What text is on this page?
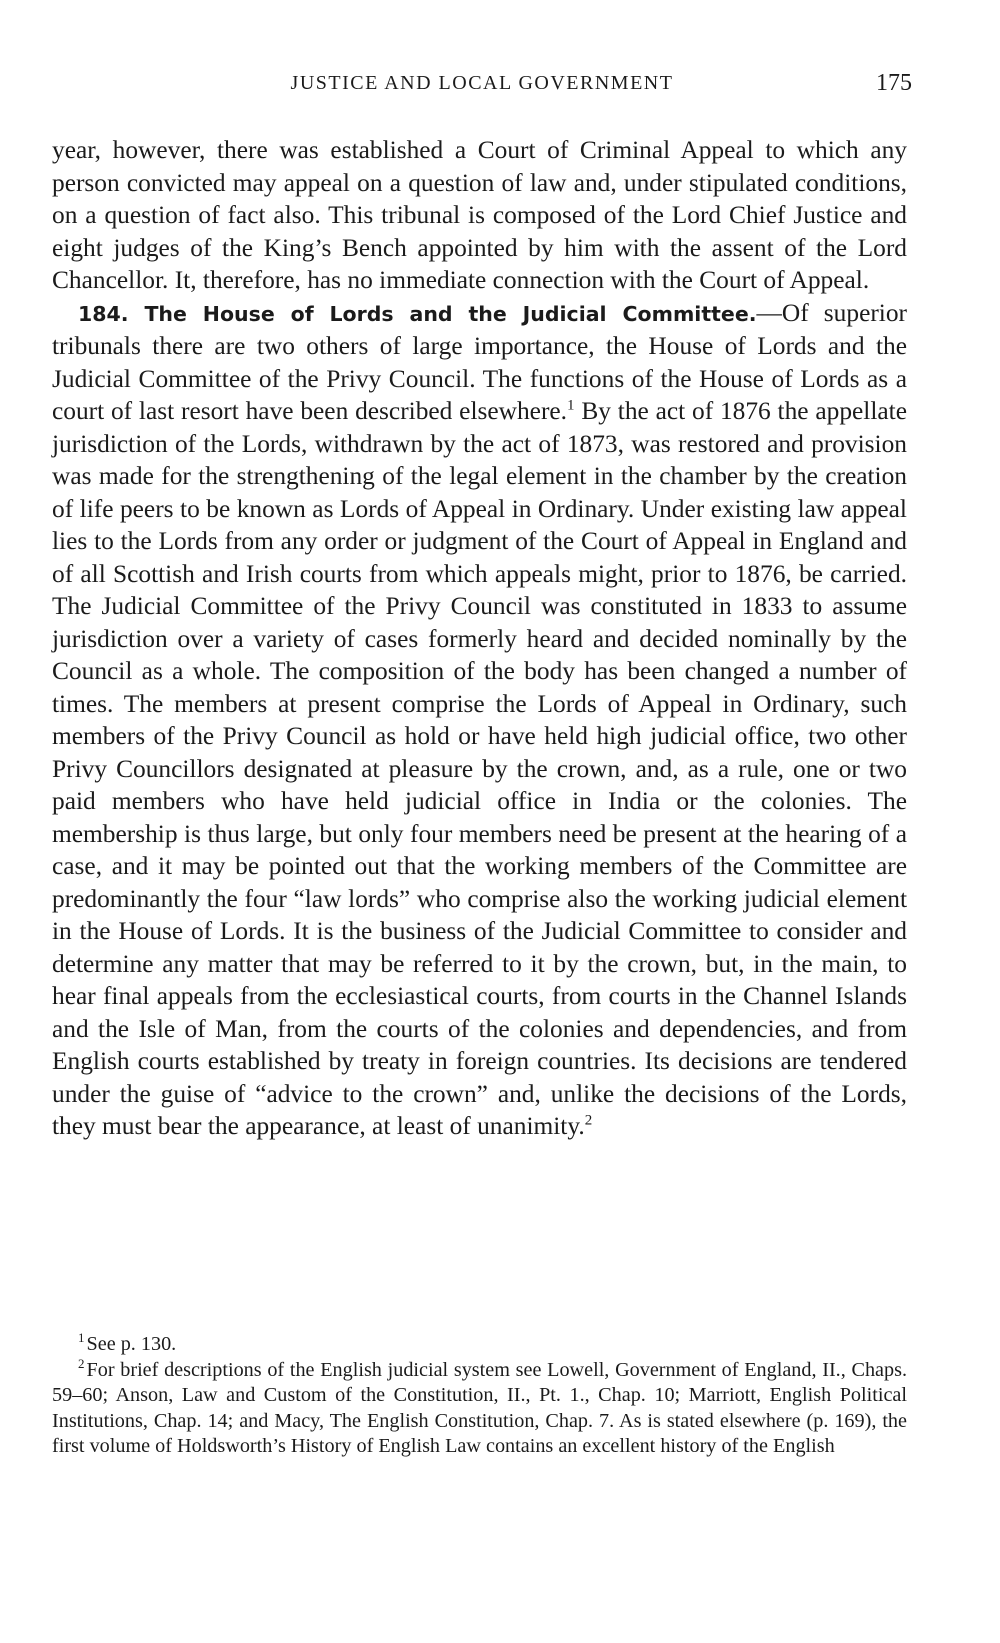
JUSTICE AND LOCAL GOVERNMENT	175

year, however, there was established a Court of Criminal Appeal to which any person convicted may appeal on a question of law and, under stipulated conditions, on a question of fact also. This tribunal is composed of the Lord Chief Justice and eight judges of the King’s Bench appointed by him with the assent of the Lord Chancellor. It, therefore, has no immediate connection with the Court of Appeal.

184. The House of Lords and the Judicial Committee.—Of superior tribunals there are two others of large importance, the House of Lords and the Judicial Committee of the Privy Council. The functions of the House of Lords as a court of last resort have been described elsewhere.$^1$ By the act of 1876 the appellate jurisdiction of the Lords, withdrawn by the act of 1873, was restored and provision was made for the strengthening of the legal element in the chamber by the creation of life peers to be known as Lords of Appeal in Ordinary. Under existing law appeal lies to the Lords from any order or judgment of the Court of Appeal in England and of all Scottish and Irish courts from which appeals might, prior to 1876, be carried. The Judicial Committee of the Privy Council was constituted in 1833 to assume jurisdiction over a variety of cases formerly heard and decided nominally by the Council as a whole. The composition of the body has been changed a number of times. The members at present comprise the Lords of Appeal in Ordinary, such members of the Privy Council as hold or have held high judicial office, two other Privy Councillors designated at pleasure by the crown, and, as a rule, one or two paid members who have held judicial office in India or the colonies. The membership is thus large, but only four members need be present at the hearing of a case, and it may be pointed out that the working members of the Committee are predominantly the four “law lords” who comprise also the working judicial element in the House of Lords. It is the business of the Judicial Committee to consider and determine any matter that may be referred to it by the crown, but, in the main, to hear final appeals from the ecclesiastical courts, from courts in the Channel Islands and the Isle of Man, from the courts of the colonies and dependencies, and from English courts established by treaty in foreign countries. Its decisions are tendered under the guise of “advice to the crown” and, unlike the decisions of the Lords, they must bear the appearance, at least of unanimity.$^2$

$^1$See p. 130.

$^2$For brief descriptions of the English judicial system see Lowell, Government of England, II., Chaps. 59–60; Anson, Law and Custom of the Constitution, II., Pt. 1., Chap. 10; Marriott, English Political Institutions, Chap. 14; and Macy, The English Constitution, Chap. 7. As is stated elsewhere (p. 169), the first volume of Holdsworth’s History of English Law contains an excellent history of the English
